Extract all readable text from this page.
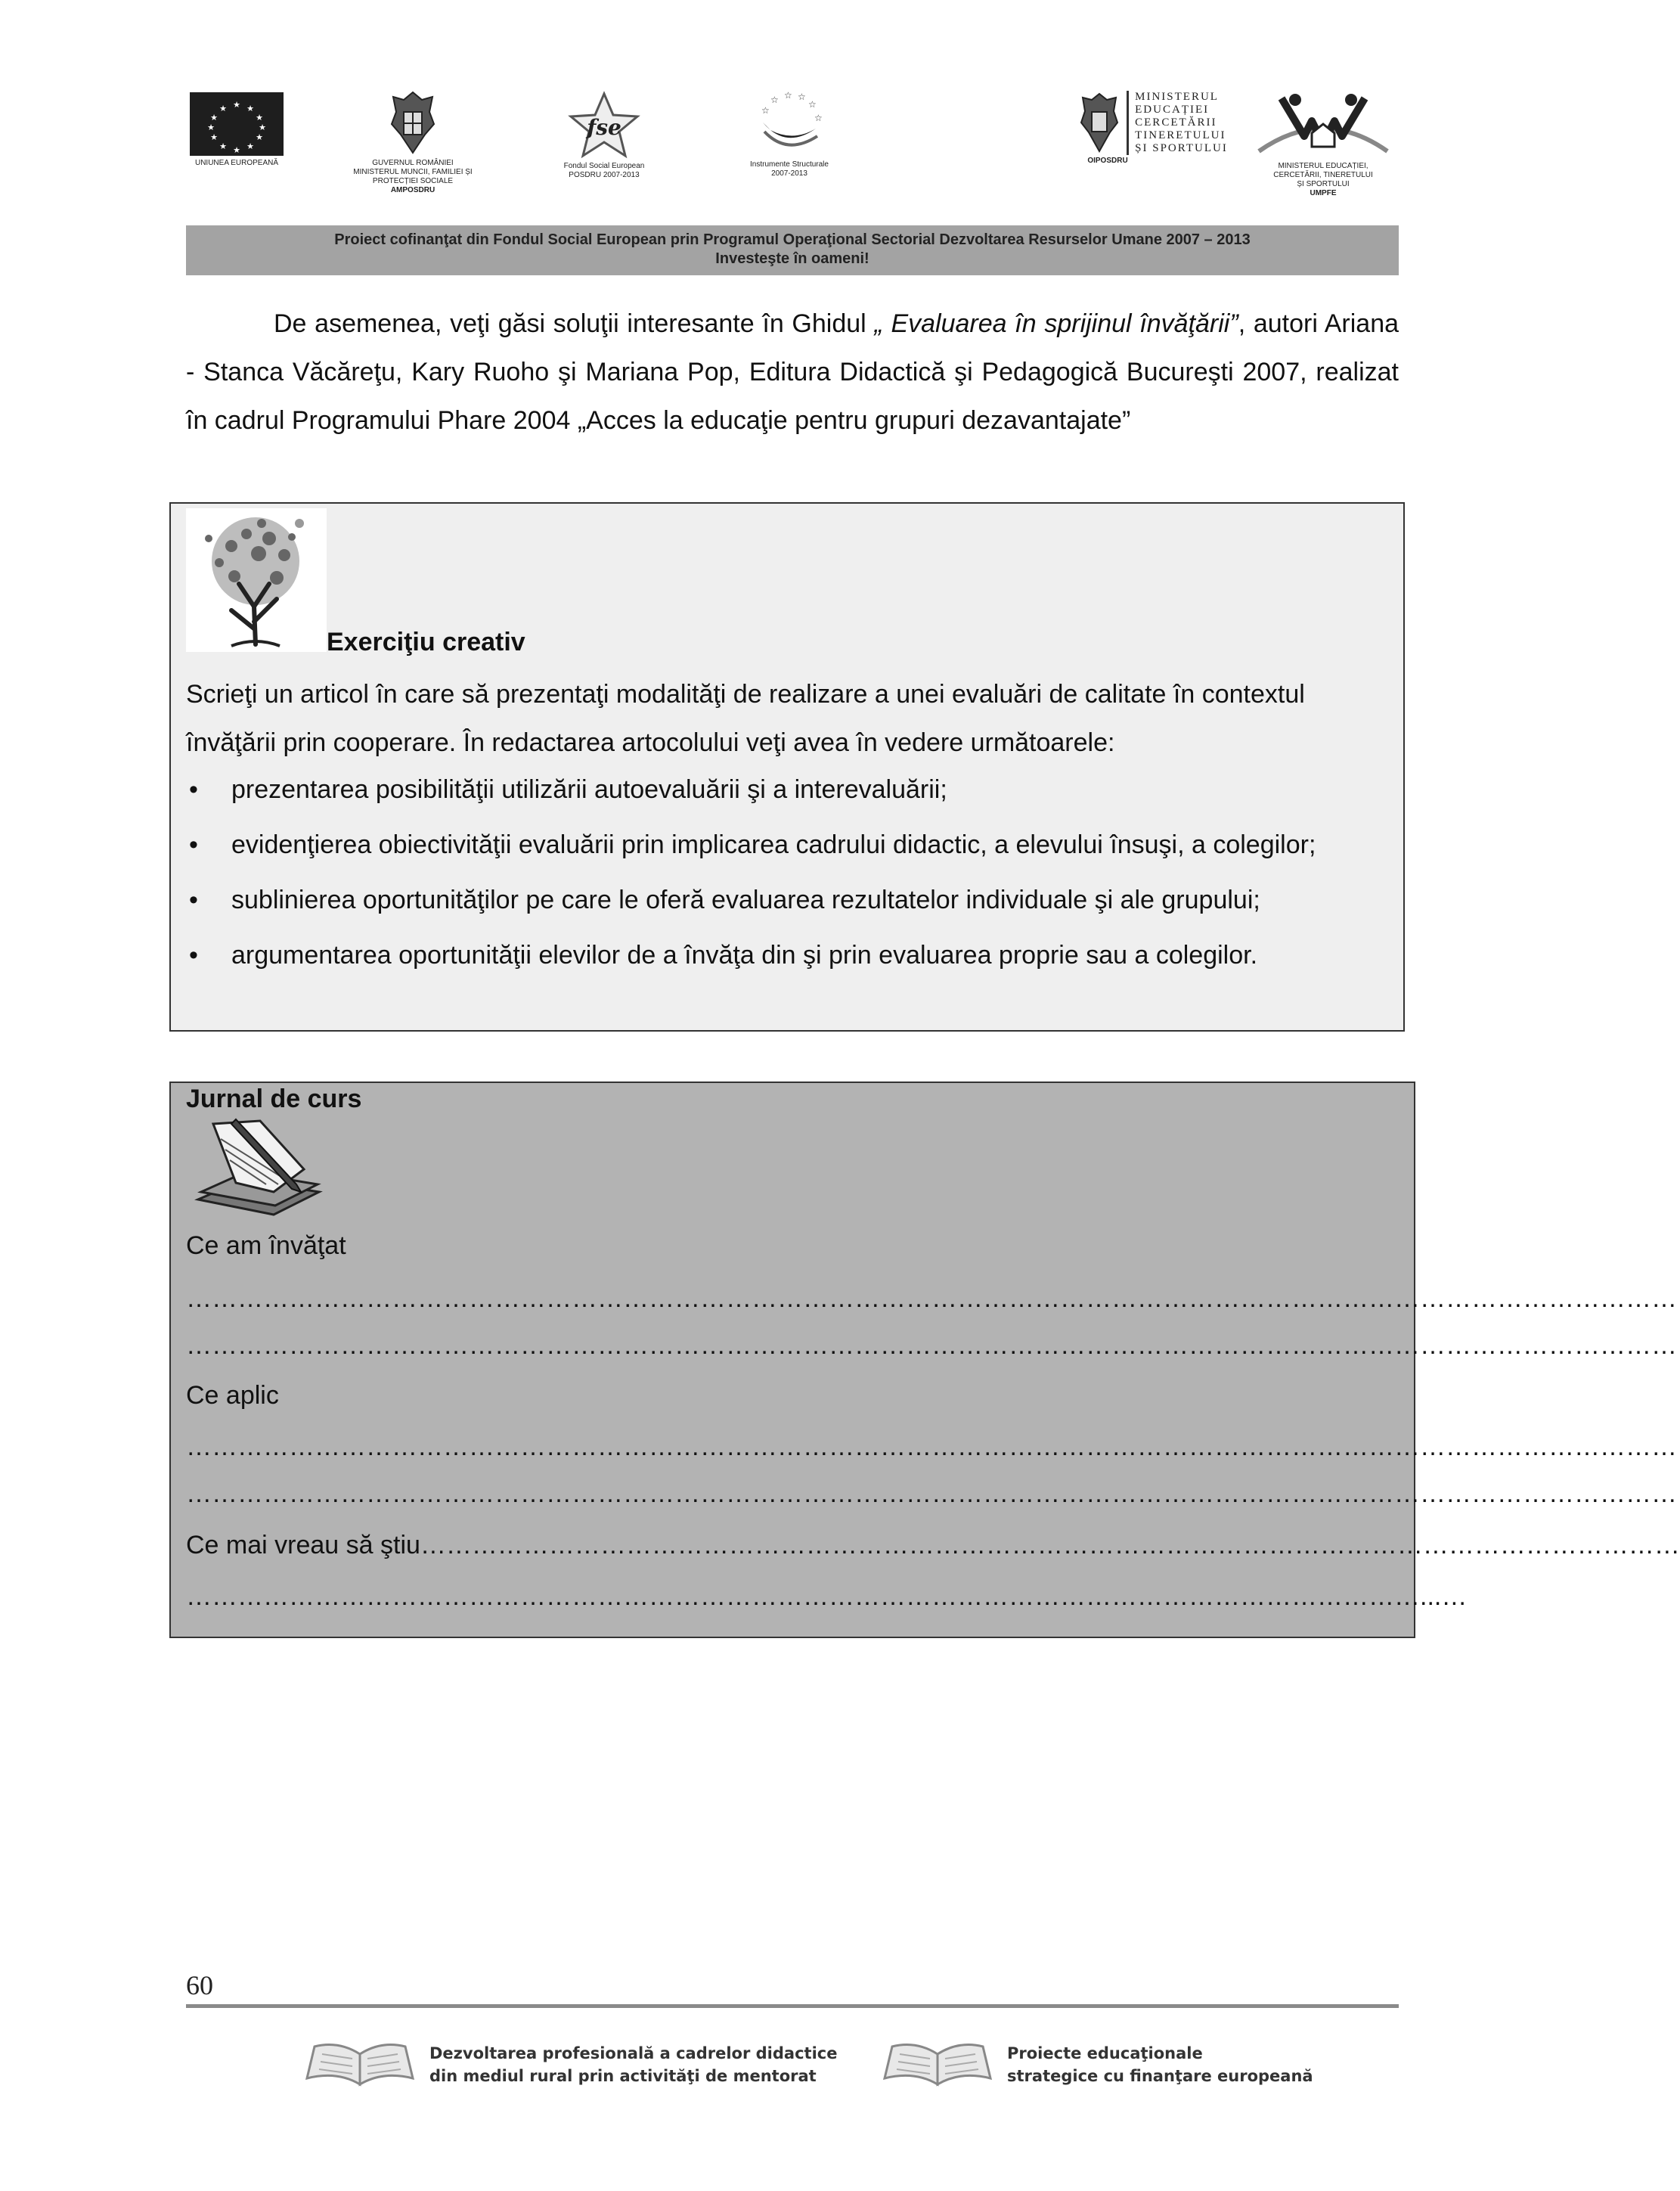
★ ★
★
★
★
★
★
★
★
★
★
★
UNIUNEA EUROPEANĂ	GUVERNUL ROMÂNIEI
MINISTERUL MUNCII, FAMILIEI ȘI
PROTECȚIEI SOCIALE
AMPOSDRU
fse
Fondul Social European
POSDRU 2007-2013
☆ ☆ ☆
☆
☆
☆
Instrumente Structurale
2007-2013
MINISTERUL
EDUCAȚIEI
CERCETĂRII
TINERETULUI
ȘI SPORTULUI
OIPOSDRU
MINISTERUL EDUCAȚIEI,
CERCETĂRII, TINERETULUI
ȘI SPORTULUI
UMPFE
Proiect cofinanţat din Fondul Social European prin Programul Operaţional Sectorial Dezvoltarea Resurselor Umane 2007 – 2013
Investeşte în oameni!
De asemenea, veţi găsi soluţii interesante în Ghidul „ Evaluarea în sprijinul învăţării”, autori Ariana - Stanca Văcăreţu, Kary Ruoho şi Mariana Pop, Editura Didactică şi Pedagogică Bucureşti 2007, realizat în cadrul Programului Phare 2004 „Acces la educaţie pentru grupuri dezavantajate”
Exerciţiu creativ
Scrieţi un articol în care să prezentaţi modalităţi de realizare a unei evaluări de calitate în contextul învăţării prin cooperare. În redactarea artocolului veţi avea în vedere următoarele:
• prezentarea posibilităţii utilizării autoevaluării şi a interevaluării;
• evidenţierea obiectivităţii evaluării prin implicarea cadrului didactic, a elevului însuşi, a colegilor;
• sublinierea oportunităţilor pe care le oferă evaluarea rezultatelor individuale şi ale grupului;
• argumentarea oportunităţii elevilor de a învăţa din şi prin evaluarea proprie sau a colegilor.
Jurnal de curs
Ce am învăţat
…………………………………………………………………………………………………………………………………………………………
…………………………………………………………………………………………………………………………………………………………
Ce aplic
…………………………………………………………………………………………………………………………………………………………
…………………………………………………………………………………………………………………………………………………………
Ce mai vreau să ştiu…………………………………………………………………………………………………………………………………
………………………………………………………………………………………………………………………………...…
60
Dezvoltarea profesională a cadrelor didactice
din mediul rural prin activităţi de mentorat
Proiecte educaţionale
strategice cu finanţare europeană
